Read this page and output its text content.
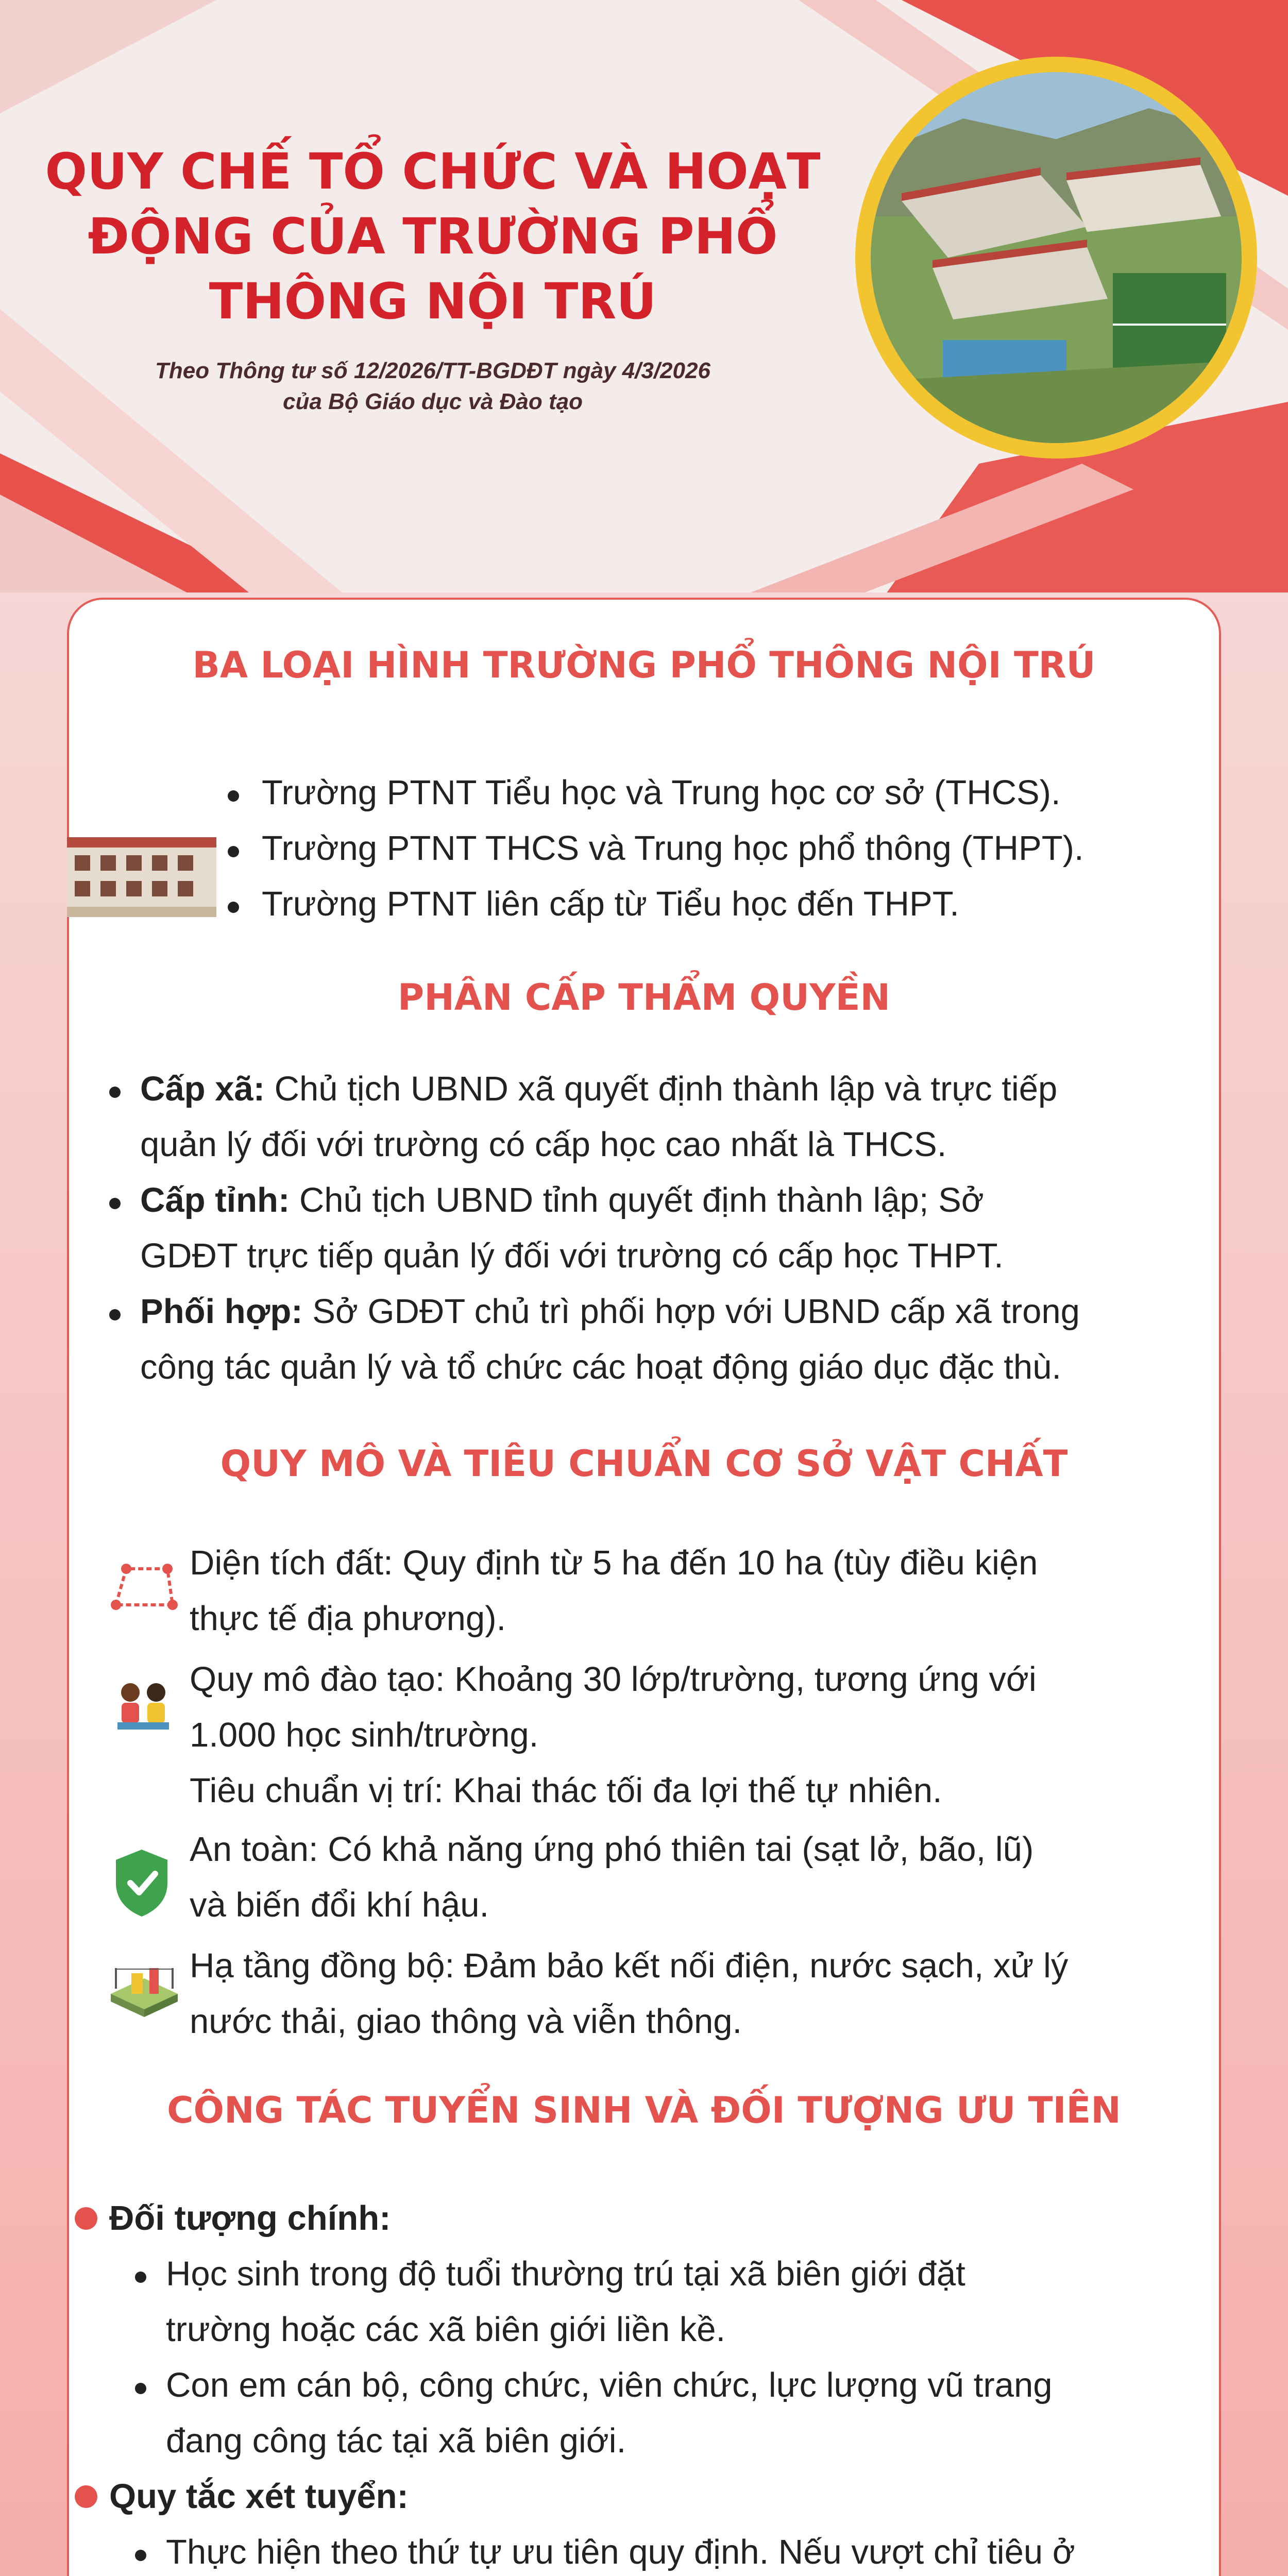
QUY CHẾ TỔ CHỨC VÀ HOẠT
ĐỘNG CỦA TRƯỜNG PHỔ
THÔNG NỘI TRÚ
Theo Thông tư số 12/2026/TT-BGDĐT ngày 4/3/2026
của Bộ Giáo dục và Đào tạo
BA LOẠI HÌNH TRƯỜNG PHỔ THÔNG NỘI TRÚ
Trường PTNT Tiểu học và Trung học cơ sở (THCS).
Trường PTNT THCS và Trung học phổ thông (THPT).
Trường PTNT liên cấp từ Tiểu học đến THPT.
PHÂN CẤP THẨM QUYỀN
Cấp xã: Chủ tịch UBND xã quyết định thành lập và trực tiếp
quản lý đối với trường có cấp học cao nhất là THCS.
Cấp tỉnh: Chủ tịch UBND tỉnh quyết định thành lập; Sở
GDĐT trực tiếp quản lý đối với trường có cấp học THPT.
Phối hợp: Sở GDĐT chủ trì phối hợp với UBND cấp xã trong
công tác quản lý và tổ chức các hoạt động giáo dục đặc thù.
QUY MÔ VÀ TIÊU CHUẨN CƠ SỞ VẬT CHẤT
Diện tích đất: Quy định từ 5 ha đến 10 ha (tùy điều kiện
thực tế địa phương).
Quy mô đào tạo: Khoảng 30 lớp/trường, tương ứng với
1.000 học sinh/trường.
Tiêu chuẩn vị trí: Khai thác tối đa lợi thế tự nhiên.
An toàn: Có khả năng ứng phó thiên tai (sạt lở, bão, lũ)
và biến đổi khí hậu.
Hạ tầng đồng bộ: Đảm bảo kết nối điện, nước sạch, xử lý
nước thải, giao thông và viễn thông.
CÔNG TÁC TUYỂN SINH VÀ ĐỐI TƯỢNG ƯU TIÊN
Đối tượng chính:
Học sinh trong độ tuổi thường trú tại xã biên giới đặt
trường hoặc các xã biên giới liền kề.
Con em cán bộ, công chức, viên chức, lực lượng vũ trang
đang công tác tại xã biên giới.
Quy tắc xét tuyển:
Thực hiện theo thứ tự ưu tiên quy định. Nếu vượt chỉ tiêu ở
